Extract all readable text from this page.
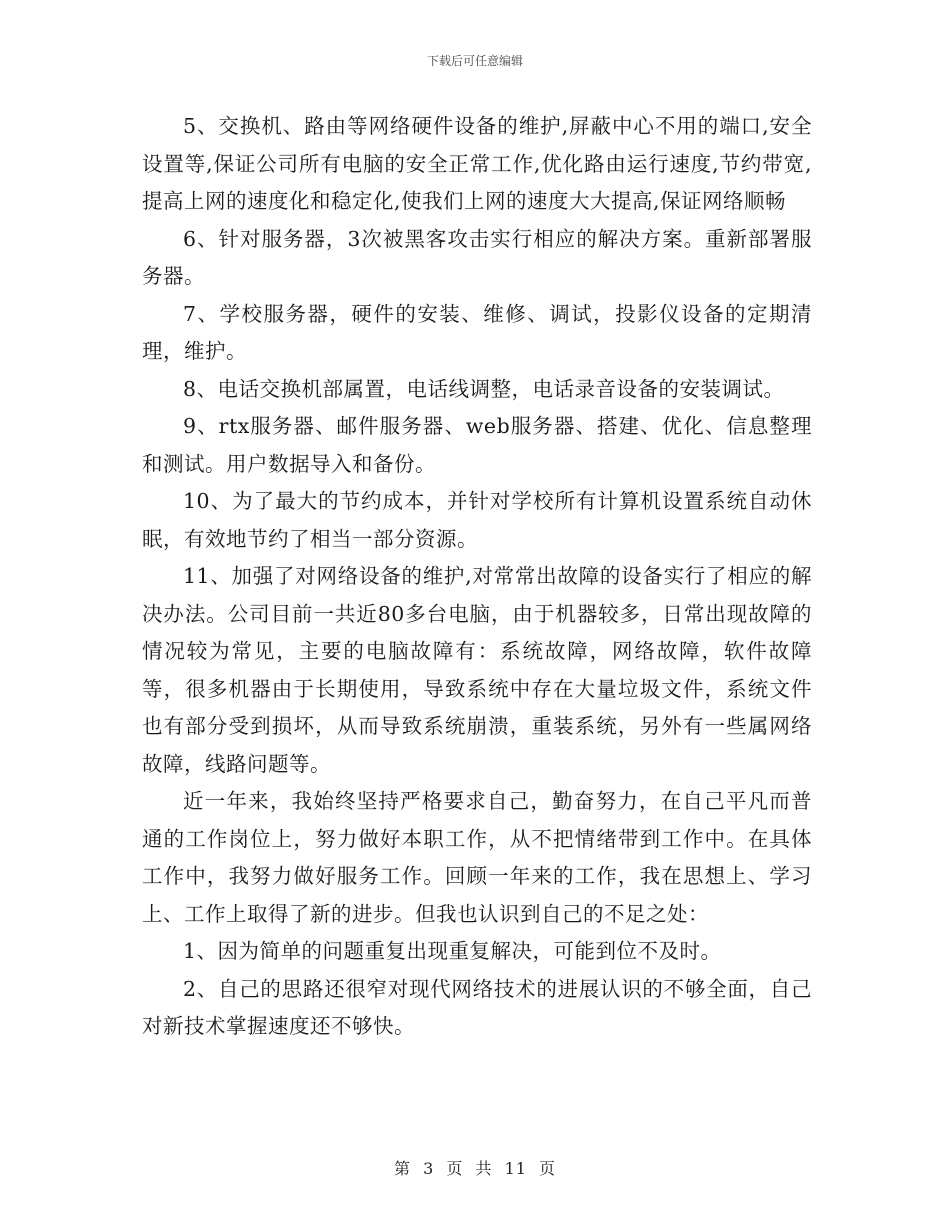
下载后可任意编辑

5、交换机、路由等网络硬件设备的维护,屏蔽中心不用的端口,安全设置等,保证公司所有电脑的安全正常工作,优化路由运行速度,节约带宽,提高上网的速度化和稳定化,使我们上网的速度大大提高,保证网络顺畅

6、针对服务器，3次被黑客攻击实行相应的解决方案。重新部署服务器。

7、学校服务器，硬件的安装、维修、调试，投影仪设备的定期清理，维护。

8、电话交换机部属置，电话线调整，电话录音设备的安装调试。

9、rtx服务器、邮件服务器、web服务器、搭建、优化、信息整理和测试。用户数据导入和备份。

10、为了最大的节约成本，并针对学校所有计算机设置系统自动休眠，有效地节约了相当一部分资源。

11、加强了对网络设备的维护,对常常出故障的设备实行了相应的解决办法。公司目前一共近80多台电脑，由于机器较多，日常出现故障的情况较为常见，主要的电脑故障有：系统故障，网络故障，软件故障等，很多机器由于长期使用，导致系统中存在大量垃圾文件，系统文件也有部分受到损坏，从而导致系统崩溃，重装系统，另外有一些属网络故障，线路问题等。

近一年来，我始终坚持严格要求自己，勤奋努力，在自己平凡而普通的工作岗位上，努力做好本职工作，从不把情绪带到工作中。在具体工作中，我努力做好服务工作。回顾一年来的工作，我在思想上、学习上、工作上取得了新的进步。但我也认识到自己的不足之处：

1、因为简单的问题重复出现重复解决，可能到位不及时。

2、自己的思路还很窄对现代网络技术的进展认识的不够全面，自己对新技术掌握速度还不够快。

第 3 页 共 11 页
